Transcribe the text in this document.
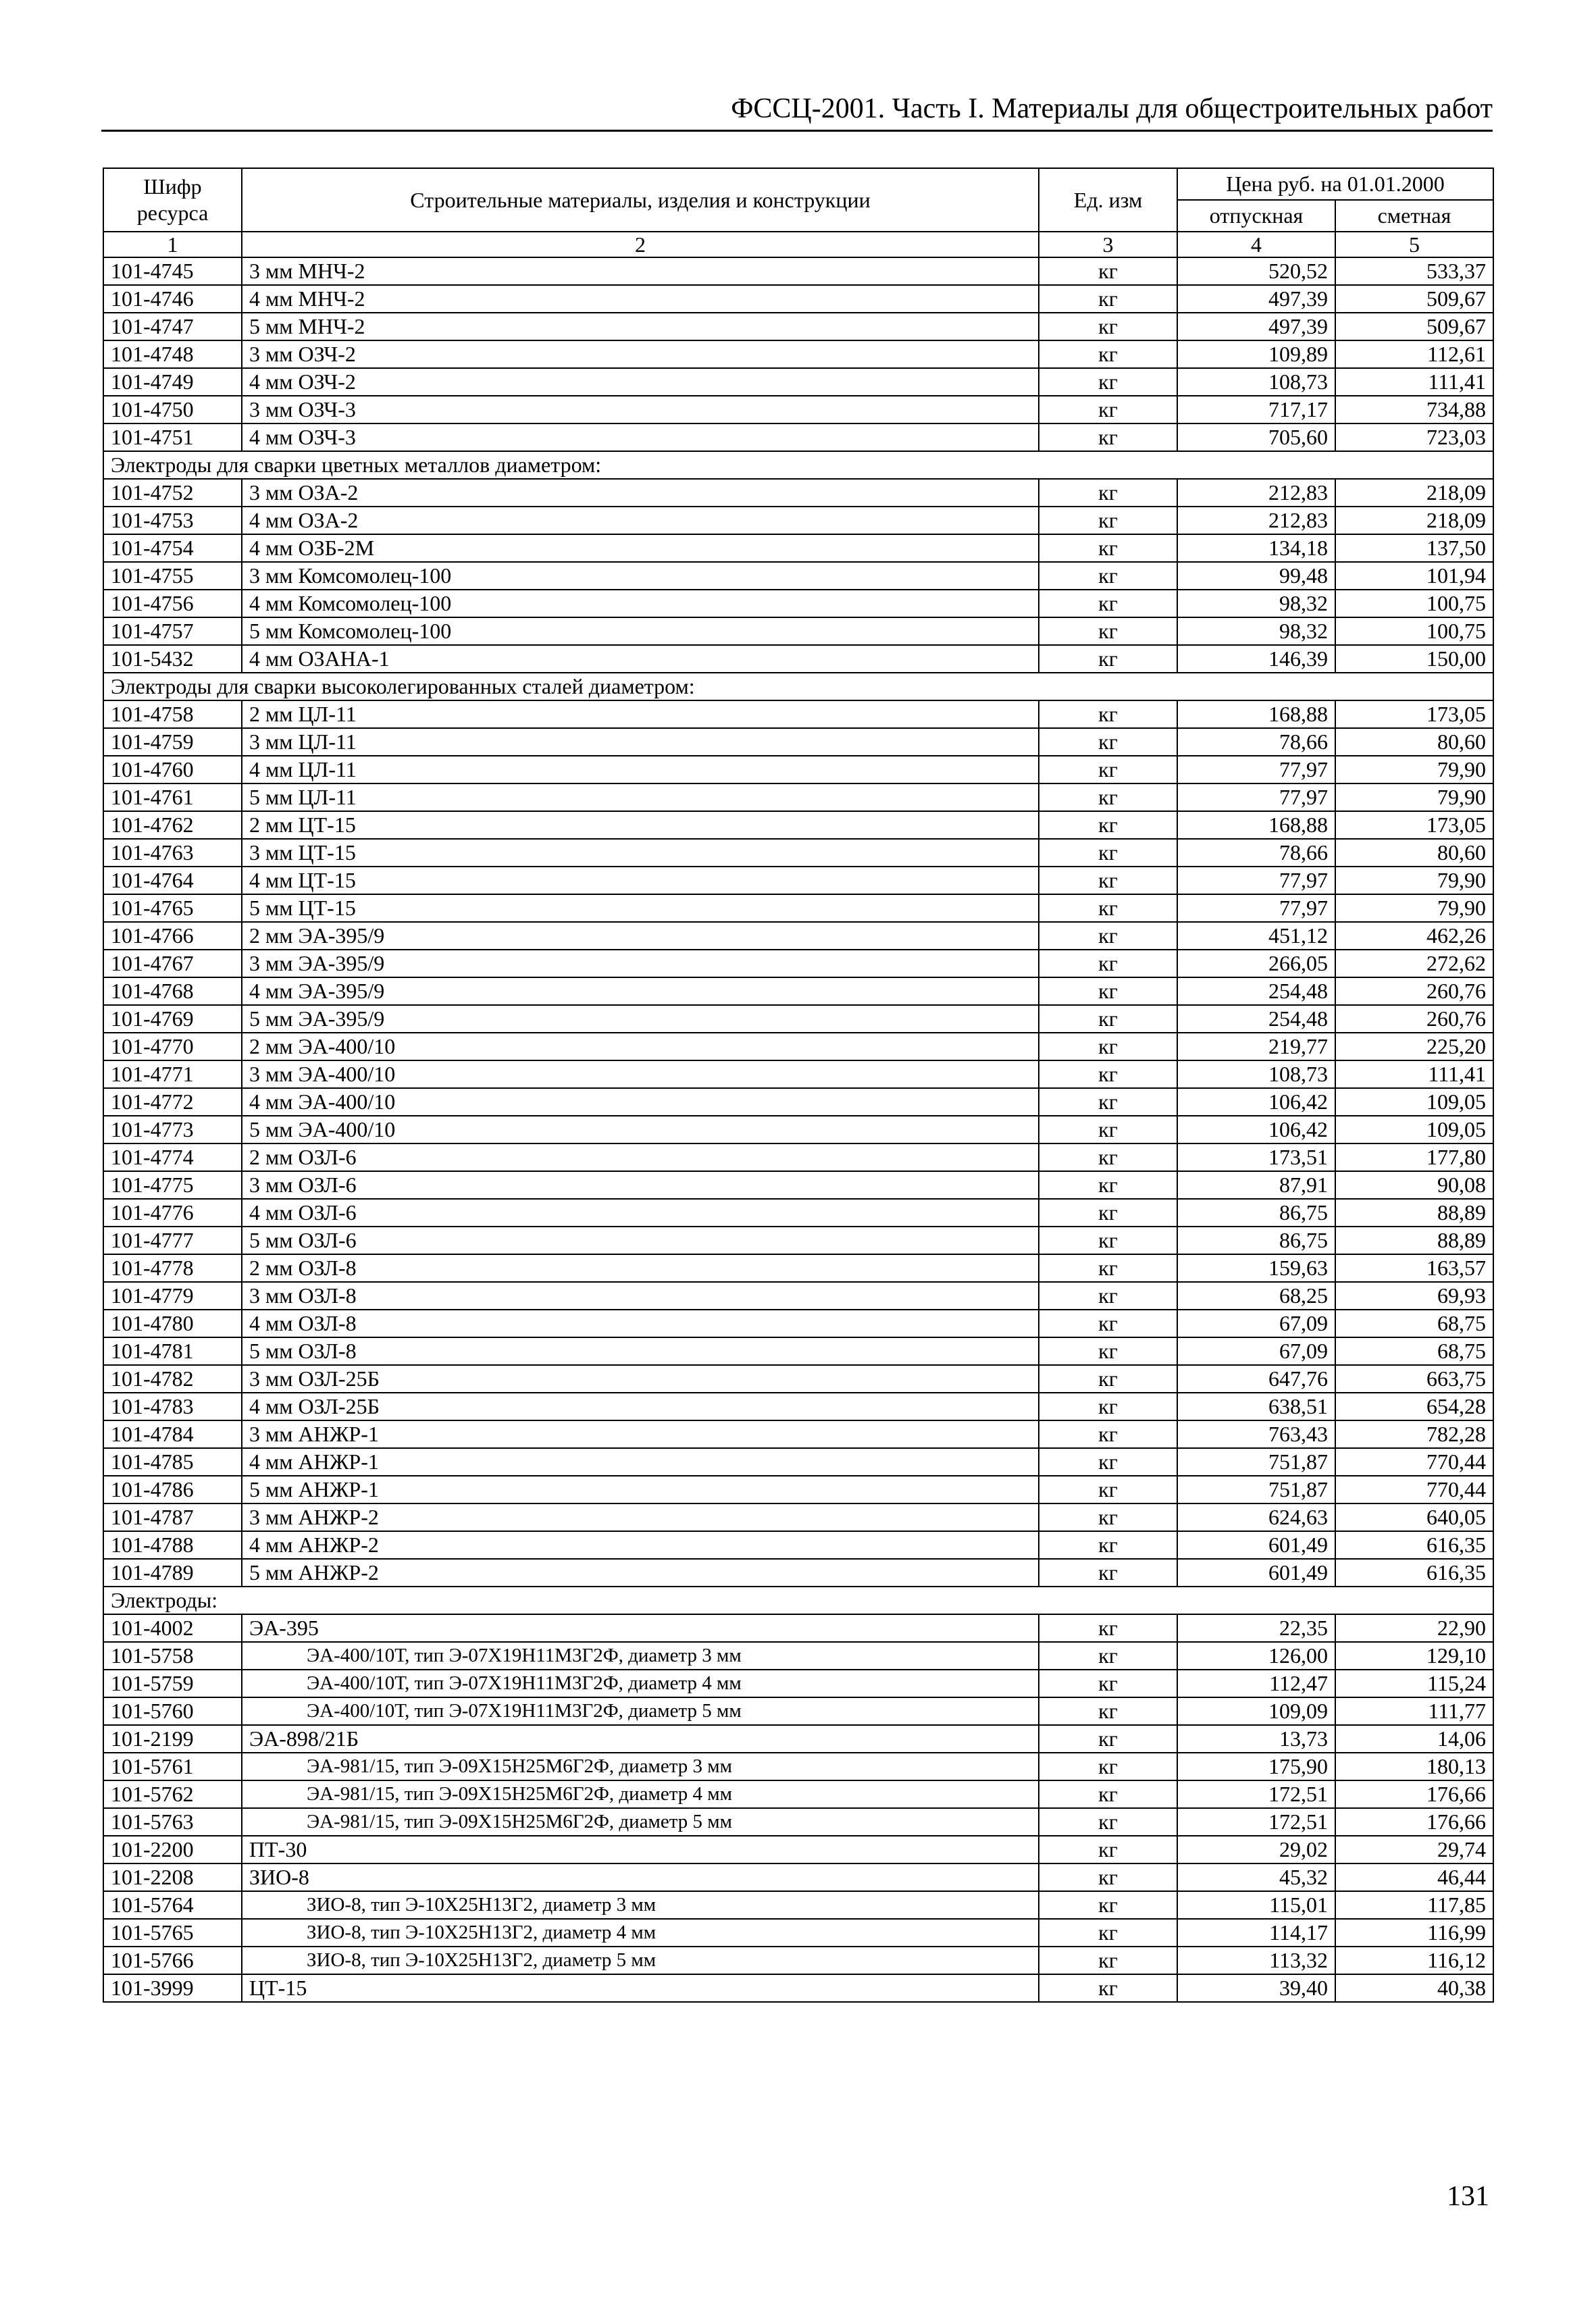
ФССЦ-2001. Часть I. Материалы для общестроительных работ
Шифр ресурса	Строительные материалы, изделия и конструкции	Ед. изм	Цена руб. на 01.01.2000	
			отпускная	сметная
1	2	3	4	5
101-4745	3 мм МНЧ-2	кг	520,52	533,37
101-4746	4 мм МНЧ-2	кг	497,39	509,67
101-4747	5 мм МНЧ-2	кг	497,39	509,67
101-4748	3 мм ОЗЧ-2	кг	109,89	112,61
101-4749	4 мм ОЗЧ-2	кг	108,73	111,41
101-4750	3 мм ОЗЧ-3	кг	717,17	734,88
101-4751	4 мм ОЗЧ-3	кг	705,60	723,03
Электроды для сварки цветных металлов диаметром:				
101-4752	3 мм ОЗА-2	кг	212,83	218,09
101-4753	4 мм ОЗА-2	кг	212,83	218,09
101-4754	4 мм ОЗБ-2М	кг	134,18	137,50
101-4755	3 мм Комсомолец-100	кг	99,48	101,94
101-4756	4 мм Комсомолец-100	кг	98,32	100,75
101-4757	5 мм Комсомолец-100	кг	98,32	100,75
101-5432	4 мм ОЗАНА-1	кг	146,39	150,00
Электроды для сварки высоколегированных сталей диаметром:				
101-4758	2 мм ЦЛ-11	кг	168,88	173,05
101-4759	3 мм ЦЛ-11	кг	78,66	80,60
101-4760	4 мм ЦЛ-11	кг	77,97	79,90
101-4761	5 мм ЦЛ-11	кг	77,97	79,90
101-4762	2 мм ЦТ-15	кг	168,88	173,05
101-4763	3 мм ЦТ-15	кг	78,66	80,60
101-4764	4 мм ЦТ-15	кг	77,97	79,90
101-4765	5 мм ЦТ-15	кг	77,97	79,90
101-4766	2 мм ЭА-395/9	кг	451,12	462,26
101-4767	3 мм ЭА-395/9	кг	266,05	272,62
101-4768	4 мм ЭА-395/9	кг	254,48	260,76
101-4769	5 мм ЭА-395/9	кг	254,48	260,76
101-4770	2 мм ЭА-400/10	кг	219,77	225,20
101-4771	3 мм ЭА-400/10	кг	108,73	111,41
101-4772	4 мм ЭА-400/10	кг	106,42	109,05
101-4773	5 мм ЭА-400/10	кг	106,42	109,05
101-4774	2 мм ОЗЛ-6	кг	173,51	177,80
101-4775	3 мм ОЗЛ-6	кг	87,91	90,08
101-4776	4 мм ОЗЛ-6	кг	86,75	88,89
101-4777	5 мм ОЗЛ-6	кг	86,75	88,89
101-4778	2 мм ОЗЛ-8	кг	159,63	163,57
101-4779	3 мм ОЗЛ-8	кг	68,25	69,93
101-4780	4 мм ОЗЛ-8	кг	67,09	68,75
101-4781	5 мм ОЗЛ-8	кг	67,09	68,75
101-4782	3 мм ОЗЛ-25Б	кг	647,76	663,75
101-4783	4 мм ОЗЛ-25Б	кг	638,51	654,28
101-4784	3 мм АНЖР-1	кг	763,43	782,28
101-4785	4 мм АНЖР-1	кг	751,87	770,44
101-4786	5 мм АНЖР-1	кг	751,87	770,44
101-4787	3 мм АНЖР-2	кг	624,63	640,05
101-4788	4 мм АНЖР-2	кг	601,49	616,35
101-4789	5 мм АНЖР-2	кг	601,49	616,35
Электроды:				
101-4002	ЭА-395	кг	22,35	22,90
101-5758	ЭА-400/10Т, тип Э-07Х19Н11М3Г2Ф, диаметр 3 мм	кг	126,00	129,10
101-5759	ЭА-400/10Т, тип Э-07Х19Н11М3Г2Ф, диаметр 4 мм	кг	112,47	115,24
101-5760	ЭА-400/10Т, тип Э-07Х19Н11М3Г2Ф, диаметр 5 мм	кг	109,09	111,77
101-2199	ЭА-898/21Б	кг	13,73	14,06
101-5761	ЭА-981/15, тип Э-09Х15Н25М6Г2Ф, диаметр 3 мм	кг	175,90	180,13
101-5762	ЭА-981/15, тип Э-09Х15Н25М6Г2Ф, диаметр 4 мм	кг	172,51	176,66
101-5763	ЭА-981/15, тип Э-09Х15Н25М6Г2Ф, диаметр 5 мм	кг	172,51	176,66
101-2200	ПТ-30	кг	29,02	29,74
101-2208	ЗИО-8	кг	45,32	46,44
101-5764	ЗИО-8, тип Э-10Х25Н13Г2, диаметр 3 мм	кг	115,01	117,85
101-5765	ЗИО-8, тип Э-10Х25Н13Г2, диаметр 4 мм	кг	114,17	116,99
101-5766	ЗИО-8, тип Э-10Х25Н13Г2, диаметр 5 мм	кг	113,32	116,12
101-3999	ЦТ-15	кг	39,40	40,38
131
